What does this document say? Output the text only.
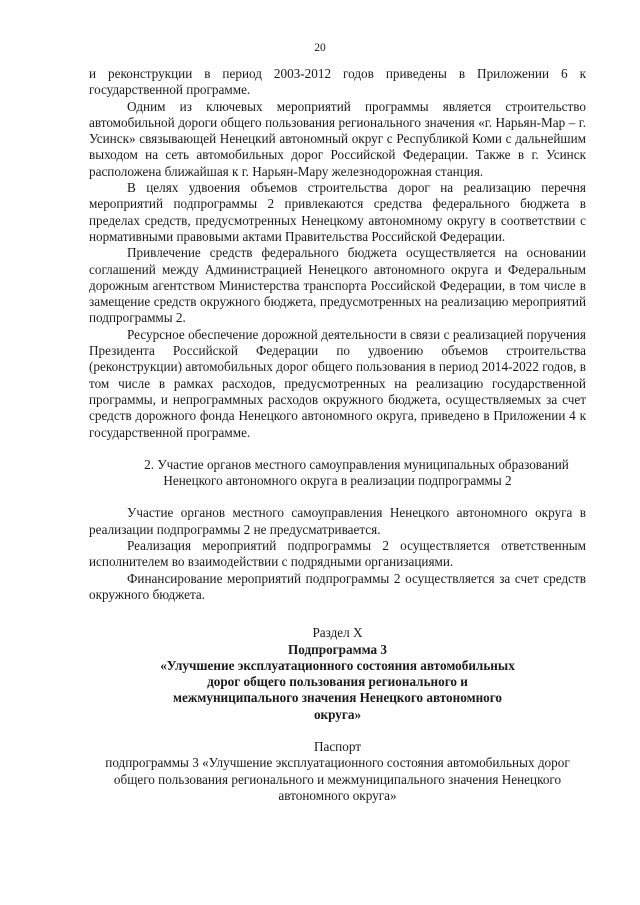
20

и реконструкции в период 2003-2012 годов приведены в Приложении 6 к государственной программе.

Одним из ключевых мероприятий программы является строительство автомобильной дороги общего пользования регионального значения «г. Нарьян-Мар – г. Усинск» связывающей Ненецкий автономный округ с Республикой Коми с дальнейшим выходом на сеть автомобильных дорог Российской Федерации. Также в г. Усинск расположена ближайшая к г. Нарьян-Мару железнодорожная станция.

В целях удвоения объемов строительства дорог на реализацию перечня мероприятий подпрограммы 2 привлекаются средства федерального бюджета в пределах средств, предусмотренных Ненецкому автономному округу в соответствии с нормативными правовыми актами Правительства Российской Федерации.

Привлечение средств федерального бюджета осуществляется на основании соглашений между Администрацией Ненецкого автономного округа и Федеральным дорожным агентством Министерства транспорта Российской Федерации, в том числе в замещение средств окружного бюджета, предусмотренных на реализацию мероприятий подпрограммы 2.

Ресурсное обеспечение дорожной деятельности в связи с реализацией поручения Президента Российской Федерации по удвоению объемов строительства (реконструкции) автомобильных дорог общего пользования в период 2014-2022 годов, в том числе в рамках расходов, предусмотренных на реализацию государственной программы, и непрограммных расходов окружного бюджета, осуществляемых за счет средств дорожного фонда Ненецкого автономного округа, приведено в Приложении 4 к государственной программе.

2. Участие органов местного самоуправления муниципальных образований Ненецкого автономного округа в реализации подпрограммы 2

Участие органов местного самоуправления Ненецкого автономного округа в реализации подпрограммы 2 не предусматривается.

Реализация мероприятий подпрограммы 2 осуществляется ответственным исполнителем во взаимодействии с подрядными организациями.

Финансирование мероприятий подпрограммы 2 осуществляется за счет средств окружного бюджета.

Раздел X
Подпрограмма 3
«Улучшение эксплуатационного состояния автомобильных
дорог общего пользования регионального и
межмуниципального значения Ненецкого автономного
округа»
Паспорт
подпрограммы 3 «Улучшение эксплуатационного состояния автомобильных дорог
общего пользования регионального и межмуниципального значения Ненецкого
автономного округа»
